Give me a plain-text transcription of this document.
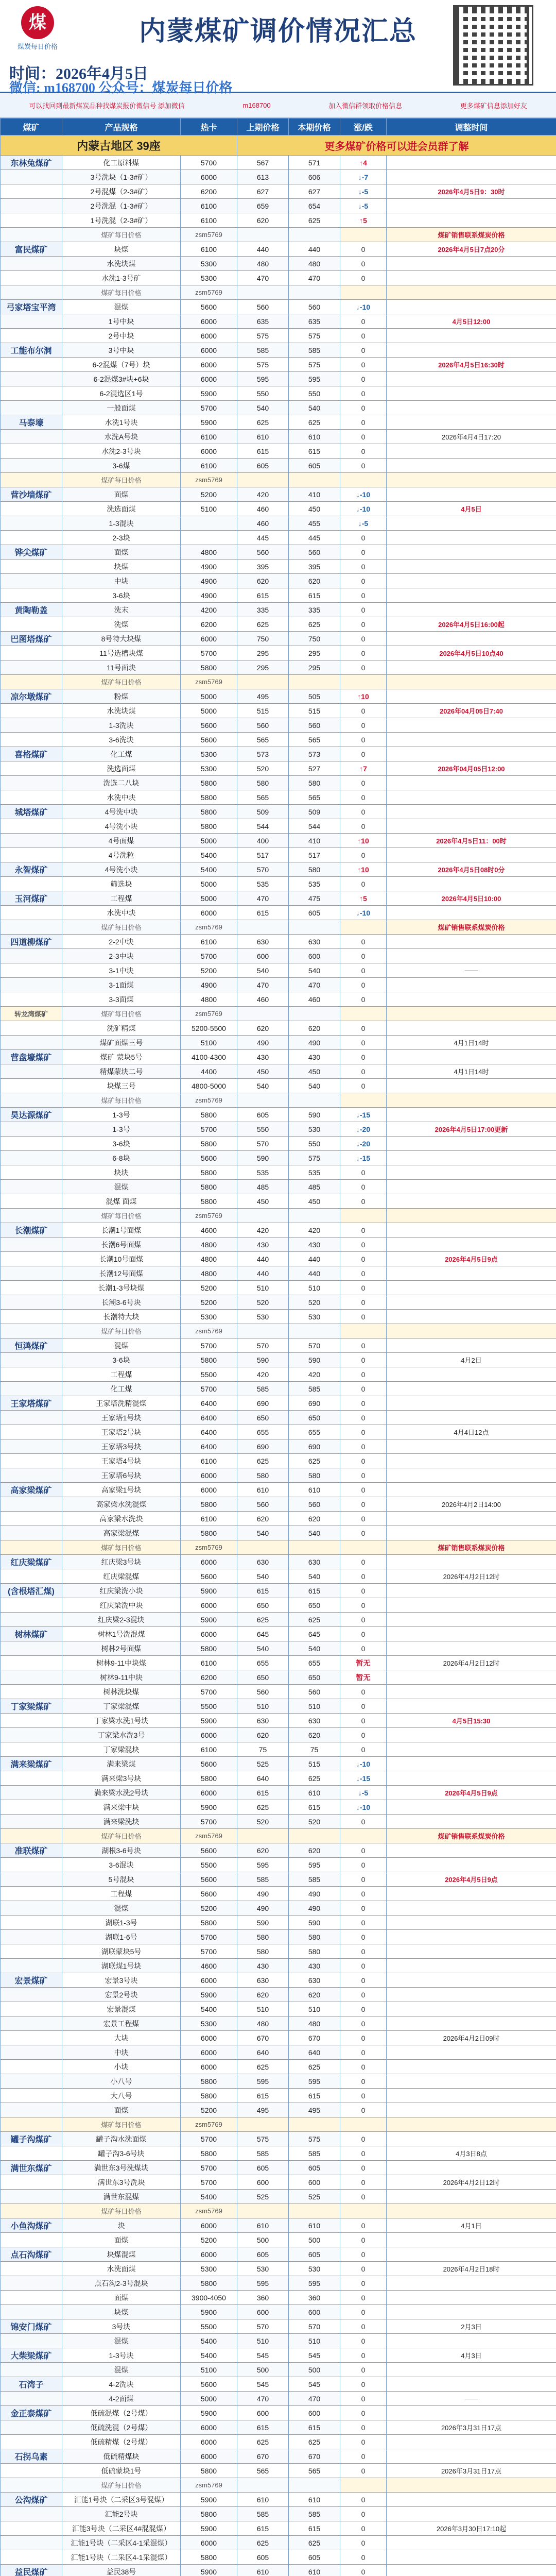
煤
煤炭每日价格
内蒙煤矿调价情况汇总
时间：2026年4月5日
微信: m168700 公众号：煤炭每日价格
可以找回到最新煤炭品种找煤炭报价微信号 添加微信	m168700	加入微信群领取价格信息	更多煤矿信息添加好友
煤矿	产品规格	热卡	上期价格	本期价格	涨/跌	调整时间
内蒙古地区 39座			更多煤矿价格可以进会员群了解			
东林兔煤矿	化工原料煤	5700	567	571	↑4	
	3号洗块（1-3#矿）	6000	613	606	↓-7	
	2号混煤（2-3#矿）	6200	627	627	↓-5	2026年4月5日9：30时
	2号洗混（1-3#矿）	6100	659	654	↓-5	
	1号洗混（2-3#矿）	6100	620	625	↑5	
	煤矿每日价格	zsm5769				煤矿销售联系煤炭价格
富民煤矿	块煤	6100	440	440	0	2026年4月5日7点20分
	水洗块煤	5300	480	480	0	
	水洗1-3号矿	5300	470	470	0	
	煤矿每日价格	zsm5769				
弓家塔宝平湾	混煤	5600	560	560	↓-10	
	1号中块	6000	635	635	0	4月5日12:00
	2号中块	6000	575	575	0	
工能布尔洞	3号中块	6000	585	585	0	
	6-2混煤（7号）块	6000	575	575	0	2026年4月5日16:30时
	6-2混煤3#块+6块	6000	595	595	0	
	6-2混选区1号	5900	550	550	0	
	一般面煤	5700	540	540	0	
马泰壕	水洗1号块	5900	625	625	0	
	水洗A号块	6100	610	610	0	2026年4月4日17:20
	水洗2-3号块	6000	615	615	0	
	3-6煤	6100	605	605	0	
	煤矿每日价格	zsm5769				
营沙墙煤矿	面煤	5200	420	410	↓-10	
	洗选面煤	5100	460	450	↓-10	4月5日
	1-3混块		460	455	↓-5	
	2-3块		445	445	0	
铧尖煤矿	面煤	4800	560	560	0	
	块煤	4900	395	395	0	
	中块	4900	620	620	0	
	3-6块	4900	615	615	0	
黄陶勒盖	洗末	4200	335	335	0	
	洗煤	6200	625	625	0	2026年4月5日16:00起
巴图塔煤矿	8号特大块煤	6000	750	750	0	
	11号选槽块煤	5700	295	295	0	2026年4月5日10点40
	11号面块	5800	295	295	0	
	煤矿每日价格	zsm5769				
凉尔墩煤矿	粉煤	5000	495	505	↑10	
	水洗块煤	5000	515	515	0	2026年04月05日7:40
	1-3洗块	5600	560	560	0	
	3-6洗块	5600	565	565	0	
喜格煤矿	化工煤	5300	573	573	0	
	洗选面煤	5300	520	527	↑7	2026年04月05日12:00
	洗选二八块	5800	580	580	0	
	水洗中块	5800	565	565	0	
城塔煤矿	4号洗中块	5800	509	509	0	
	4号洗小块	5800	544	544	0	
	4号面煤	5000	400	410	↑10	2026年4月5日11：00时
	4号洗粒	5400	517	517	0	
永智煤矿	4号洗小块	5400	570	580	↑10	2026年4月5日08时0分
	筛选块	5000	535	535	0	
玉河煤矿	工程煤	5000	470	475	↑5	2026年4月5日10:00
	水洗中块	6000	615	605	↓-10	
	煤矿每日价格	zsm5769				煤矿销售联系煤炭价格
四道柳煤矿	2-2中块	6100	630	630	0	
	2-3中块	5700	600	600	0	
	3-1中块	5200	540	540	0	——
	3-1面煤	4900	470	470	0	
	3-3面煤	4800	460	460	0	
转龙湾煤矿	煤矿每日价格	zsm5769				
	洗矿精煤	5200-5500	620	620	0	
	煤矿面煤三号	5100	490	490	0	4月1日14时
营盘壕煤矿	煤矿 蒙块5号	4100-4300	430	430	0	
	精煤蒙块二号	4400	450	450	0	4月1日14时
	块煤三号	4800-5000	540	540	0	
	煤矿每日价格	zsm5769				
昊达源煤矿	1-3号	5800	605	590	↓-15	
	1-3号	5700	550	530	↓-20	2026年4月5日17:00更新
	3-6块	5800	570	550	↓-20	
	6-8块	5600	590	575	↓-15	
	块块	5800	535	535	0	
	混煤	5800	485	485	0	
	混煤 面煤	5800	450	450	0	
	煤矿每日价格	zsm5769				
长潮煤矿	长潮1号面煤	4600	420	420	0	
	长潮6号面煤	4800	430	430	0	
	长潮10号面煤	4800	440	440	0	2026年4月5日9点
	长潮12号面煤	4800	440	440	0	
	长潮1-3号块煤	5200	510	510	0	
	长潮3-6号块	5200	520	520	0	
	长潮特大块	5300	530	530	0	
	煤矿每日价格	zsm5769				
恒鸿煤矿	混煤	5700	570	570	0	
	3-6块	5800	590	590	0	4月2日
	工程煤	5500	420	420	0	
	化工煤	5700	585	585	0	
王家塔煤矿	王家塔洗精混煤	6400	690	690	0	
	王家塔1号块	6400	650	650	0	
	王家塔2号块	6400	655	655	0	4月4日12点
	王家塔3号块	6400	690	690	0	
	王家塔4号块	6100	625	625	0	
	王家塔6号块	6000	580	580	0	
高家梁煤矿	高家梁1号块	6000	610	610	0	
	高家梁水洗混煤	5800	560	560	0	2026年4月2日14:00
	高家梁水洗块	6100	620	620	0	
	高家梁混煤	5800	540	540	0	
	煤矿每日价格	zsm5769				煤矿销售联系煤炭价格
红庆梁煤矿	红庆梁3号块	6000	630	630	0	
	红庆梁混煤	5600	540	540	0	2026年4月2日12时
(含根塔汇煤)	红庆梁洗小块	5900	615	615	0	
	红庆梁洗中块	6000	650	650	0	
	红庆梁2-3混块	5900	625	625	0	
树林煤矿	树林1号洗混煤	6000	645	645	0	
	树林2号面煤	5800	540	540	0	
	树林9-11中块煤	6100	655	655	暂无	2026年4月2日12时
	树林9-11中块	6200	650	650	暂无	
	树林洗块煤	5700	560	560	0	
丁家梁煤矿	丁家梁混煤	5500	510	510	0	
	丁家梁水洗1号块	5900	630	630	0	4月5日15:30
	丁家梁水洗3号	6000	620	620	0	
	丁家梁混块	6100	75	75	0	
满来梁煤矿	满来梁煤	5600	525	515	↓-10	
	满来梁3号块	5800	640	625	↓-15	
	满来梁水洗2号块	6000	615	610	↓-5	2026年4月5日9点
	满来梁中块	5900	625	615	↓-10	
	满来梁洗块	5700	520	520	0	
	煤矿每日价格	zsm5769				煤矿销售联系煤炭价格
准联煤矿	湖根3-6号块	5600	620	620	0	
	3-6混块	5500	595	595	0	
	5号混块	5600	585	585	0	2026年4月5日9点
	工程煤	5600	490	490	0	
	混煤	5200	490	490	0	
	湖联1-3号	5800	590	590	0	
	湖联1-6号	5700	580	580	0	
	湖联蒙块5号	5700	580	580	0	
	湖联煤1号块	4600	430	430	0	
宏景煤矿	宏景3号块	6000	630	630	0	
	宏景2号块	5900	620	620	0	
	宏景混煤	5400	510	510	0	
	宏景工程煤	5300	480	480	0	
	大块	6000	670	670	0	2026年4月2日09时
	中块	6000	640	640	0	
	小块	6000	625	625	0	
	小八号	5800	595	595	0	
	大八号	5800	615	615	0	
	面煤	5200	495	495	0	
	煤矿每日价格	zsm5769				
罐子沟煤矿	罐子沟水洗面煤	5700	575	575	0	
	罐子沟3-6号块	5800	585	585	0	4月3日8点
满世东煤矿	满世东3号洗煤块	5700	605	605	0	
	满世东3号洗块	5700	600	600	0	2026年4月2日12时
	满世东混煤	5400	525	525	0	
	煤矿每日价格	zsm5769				
小鱼沟煤矿	块	6000	610	610	0	4月1日
	面煤	5200	500	500	0	
点石沟煤矿	块煤混煤	6000	605	605	0	
	水洗面煤	5300	530	530	0	2026年4月2日18时
	点石沟2-3号混块	5800	595	595	0	
	面煤	3900-4050	360	360	0	
	块煤	5900	600	600	0	
锦安门煤矿	3号块	5500	570	570	0	2月3日
	混煤	5400	510	510	0	
大柴梁煤矿	1-3号块	5400	545	545	0	4月3日
	混煤	5100	500	500	0	
石湾子	4-2洗块	5600	545	545	0	
	4-2面煤	5000	470	470	0	——
金正泰煤矿	低硫混煤（2号煤）	5900	600	600	0	
	低硫洗混（2号煤）	6000	615	615	0	2026年3月31日17点
	低硫精煤（2号煤）	6000	625	625	0	
石拐乌素	低硫精煤块	6000	670	670	0	
	低硫蒙块1号	5800	565	565	0	2026年3月31日17点
	煤矿每日价格	zsm5769				
公沟煤矿	汇能1号块（二采区3号混煤）	5900	610	610	0	
	汇能2号块	5800	585	585	0	
	汇能3号块（二采区4#混混煤）	5900	615	615	0	2026年3月30日17:10起
	汇能1号块（二采区4-1采混煤）	6000	625	625	0	
	汇能1号块（二采区4-1采混煤）	5800	605	605	0	
益民煤矿	益民38号	5900	610	610	0	
